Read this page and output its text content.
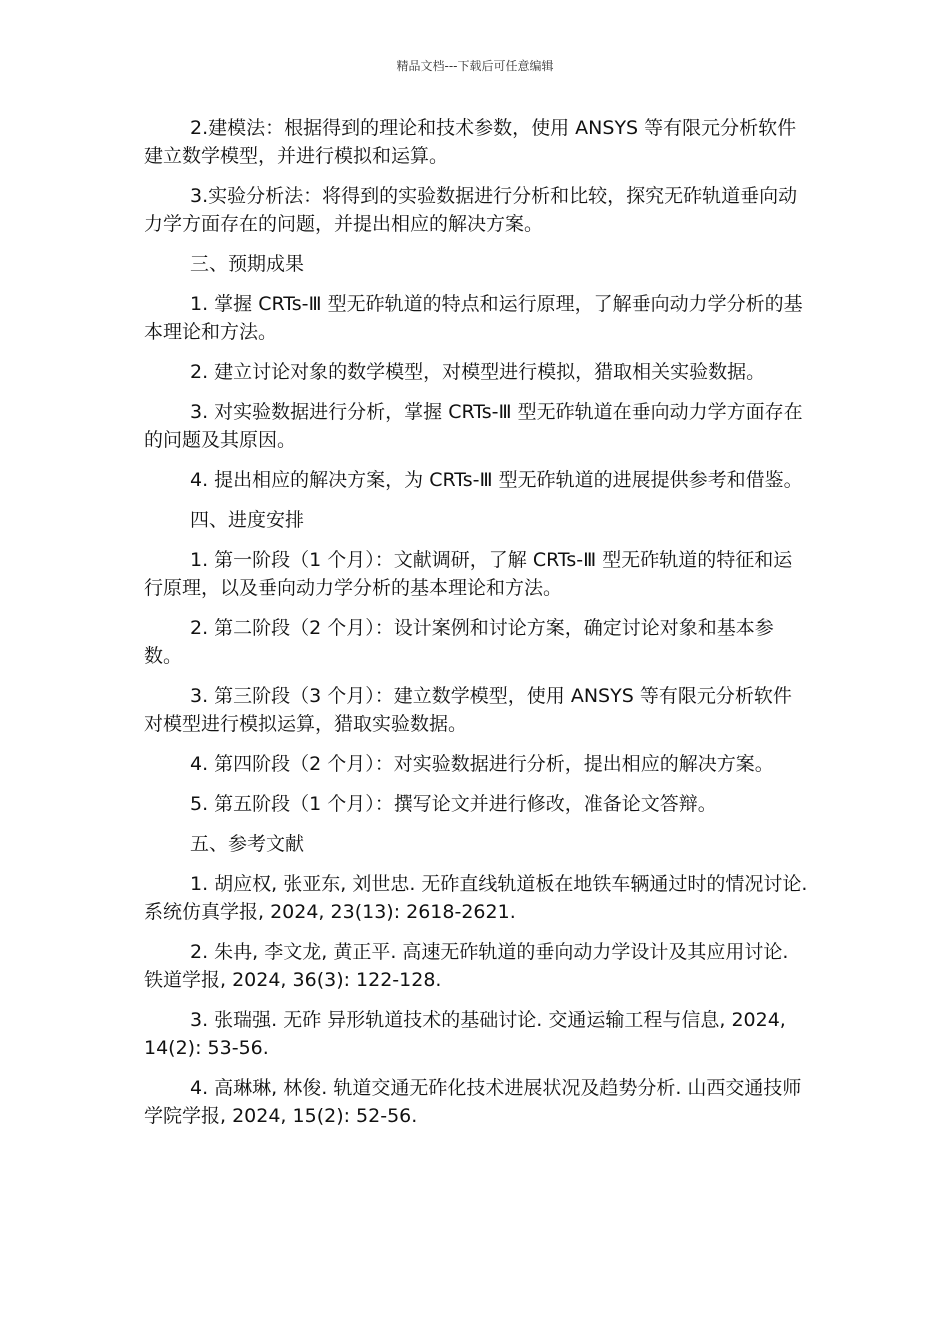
精品文档---下载后可任意编辑

2.建模法：根据得到的理论和技术参数，使用 ANSYS 等有限元分析软件建立数学模型，并进行模拟和运算。

3.实验分析法：将得到的实验数据进行分析和比较，探究无砟轨道垂向动力学方面存在的问题，并提出相应的解决方案。

三、预期成果

1. 掌握 CRTs-Ⅲ 型无砟轨道的特点和运行原理，了解垂向动力学分析的基本理论和方法。

2. 建立讨论对象的数学模型，对模型进行模拟，猎取相关实验数据。

3. 对实验数据进行分析，掌握 CRTs-Ⅲ 型无砟轨道在垂向动力学方面存在的问题及其原因。

4. 提出相应的解决方案，为 CRTs-Ⅲ 型无砟轨道的进展提供参考和借鉴。

四、进度安排

1. 第一阶段（1 个月）：文献调研，了解 CRTs-Ⅲ 型无砟轨道的特征和运行原理，以及垂向动力学分析的基本理论和方法。

2. 第二阶段（2 个月）：设计案例和讨论方案，确定讨论对象和基本参数。

3. 第三阶段（3 个月）：建立数学模型，使用 ANSYS 等有限元分析软件对模型进行模拟运算，猎取实验数据。

4. 第四阶段（2 个月）：对实验数据进行分析，提出相应的解决方案。

5. 第五阶段（1 个月）：撰写论文并进行修改，准备论文答辩。

五、参考文献

1. 胡应权, 张亚东, 刘世忠. 无砟直线轨道板在地铁车辆通过时的情况讨论. 系统仿真学报, 2024, 23(13): 2618-2621.

2. 朱冉, 李文龙, 黄正平. 高速无砟轨道的垂向动力学设计及其应用讨论. 铁道学报, 2024, 36(3): 122-128.

3. 张瑞强. 无砟 异形轨道技术的基础讨论. 交通运输工程与信息, 2024, 14(2): 53-56.

4. 高琳琳, 林俊. 轨道交通无砟化技术进展状况及趋势分析. 山西交通技师学院学报, 2024, 15(2): 52-56.
